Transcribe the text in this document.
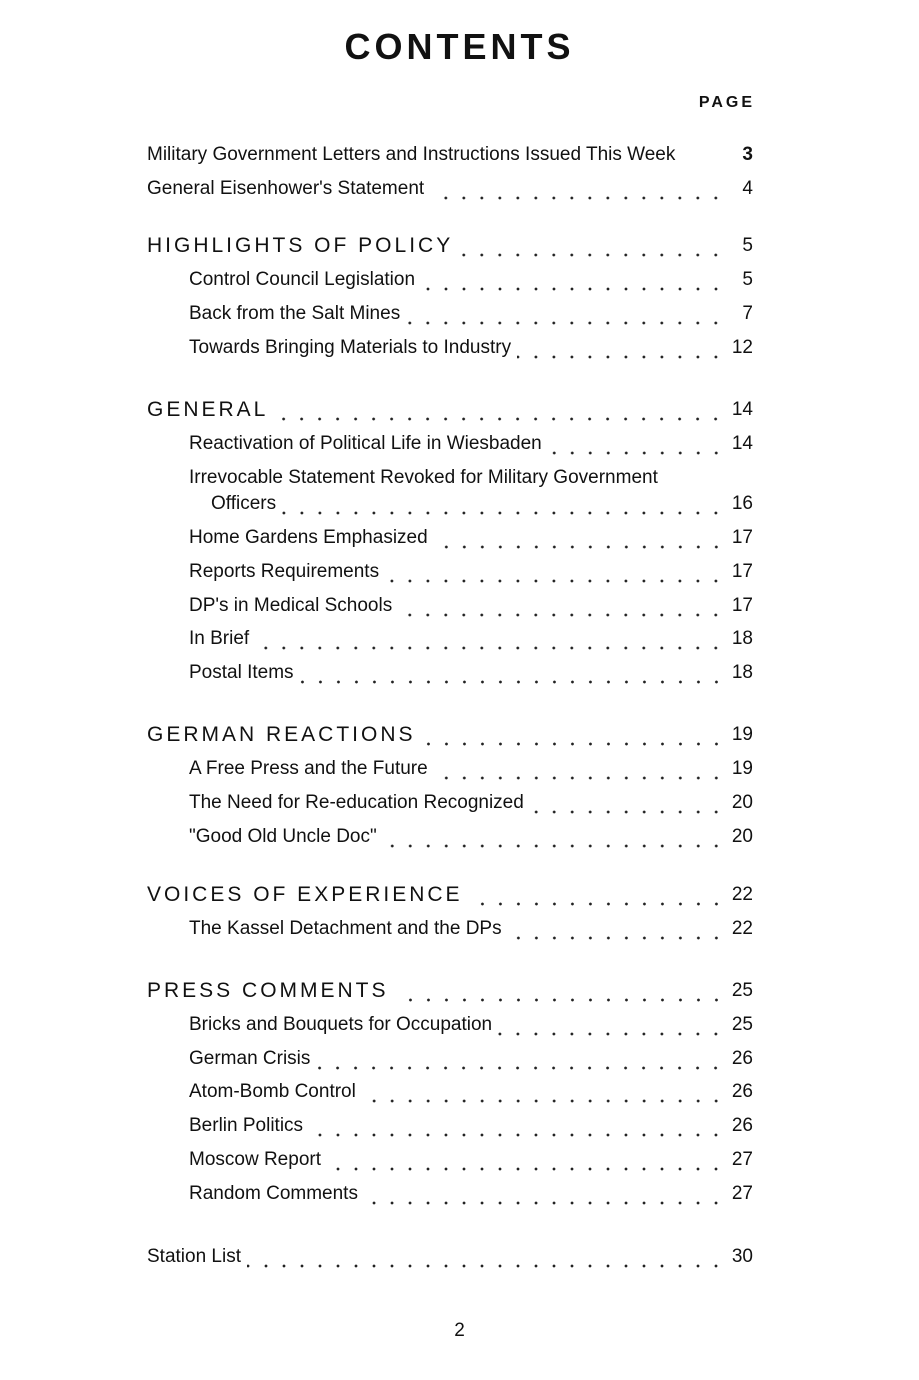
CONTENTS
PAGE
Military Government Letters and Instructions Issued This Week	3
General Eisenhower's Statement	4
HIGHLIGHTS OF POLICY	5
Control Council Legislation	5
Back from the Salt Mines	7
Towards Bringing Materials to Industry	12
GENERAL	14
Reactivation of Political Life in Wiesbaden	14
Irrevocable Statement Revoked for Military Government
Officers	16
Home Gardens Emphasized	17
Reports Requirements	17
DP's in Medical Schools	17
In Brief	18
Postal Items	18
GERMAN REACTIONS	19
A Free Press and the Future	19
The Need for Re-education Recognized	20
"Good Old Uncle Doc"	20
VOICES OF EXPERIENCE	22
The Kassel Detachment and the DPs	22
PRESS COMMENTS	25
Bricks and Bouquets for Occupation	25
German Crisis	26
Atom-Bomb Control	26
Berlin Politics	26
Moscow Report	27
Random Comments	27
Station List	30
2
